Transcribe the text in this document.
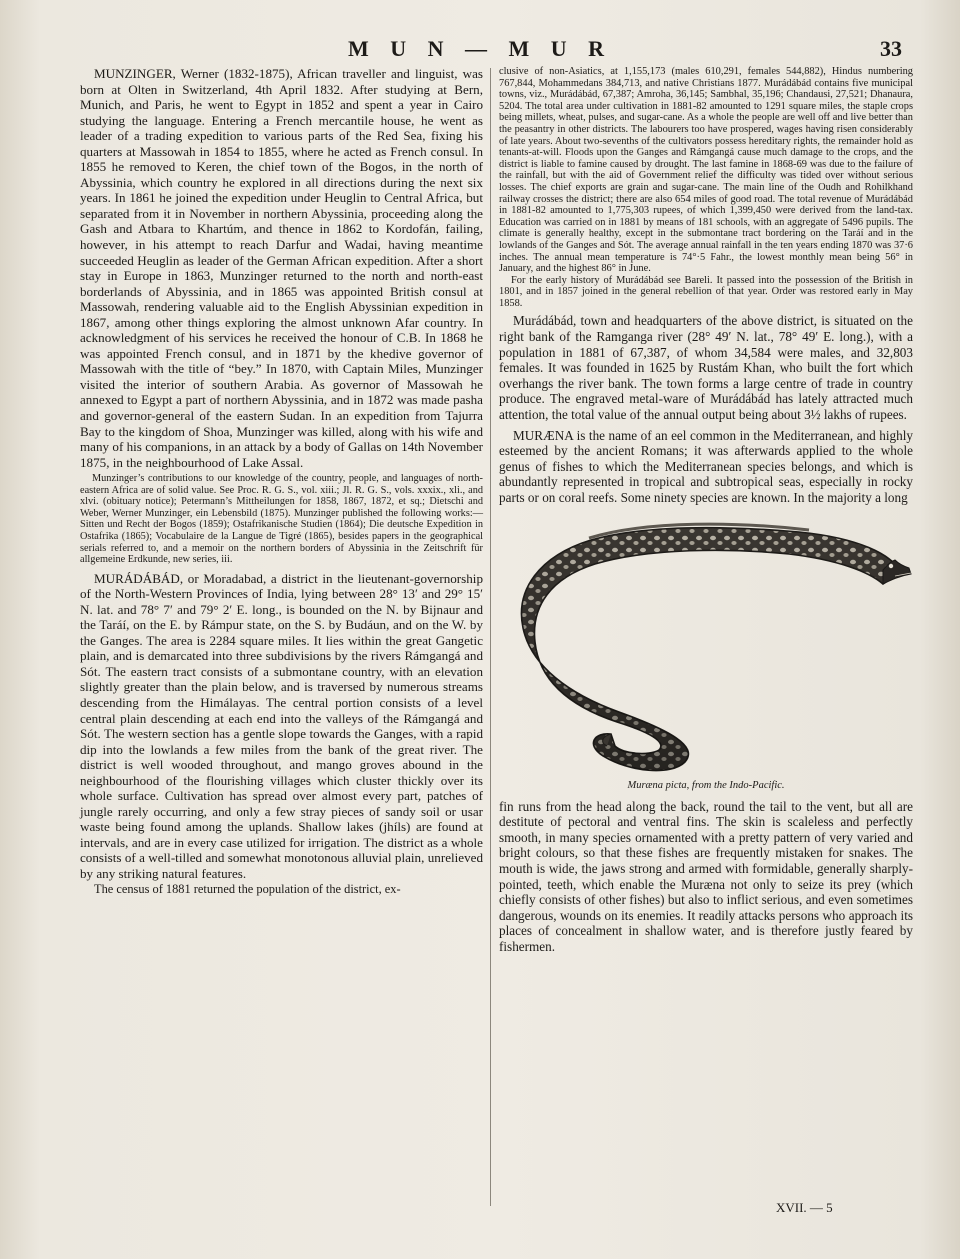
M U N — M U R	33

MUNZINGER, Werner (1832-1875), African traveller and linguist, was born at Olten in Switzerland, 4th April 1832. After studying at Bern, Munich, and Paris, he went to Egypt in 1852 and spent a year in Cairo studying the language. Entering a French mercantile house, he went as leader of a trading expedition to various parts of the Red Sea, fixing his quarters at Massowah in 1854 to 1855, where he acted as French consul. In 1855 he removed to Keren, the chief town of the Bogos, in the north of Abyssinia, which country he explored in all directions during the next six years. In 1861 he joined the expedition under Heuglin to Central Africa, but separated from it in November in northern Abyssinia, proceeding along the Gash and Atbara to Khartúm, and thence in 1862 to Kordofán, failing, however, in his attempt to reach Darfur and Wadai, having meantime succeeded Heuglin as leader of the German African expedition. After a short stay in Europe in 1863, Munzinger returned to the north and north-east borderlands of Abyssinia, and in 1865 was appointed British consul at Massowah, rendering valuable aid to the English Abyssinian expedition in 1867, among other things exploring the almost unknown Afar country. In acknowledgment of his services he received the honour of C.B. In 1868 he was appointed French consul, and in 1871 by the khedive governor of Massowah with the title of “bey.” In 1870, with Captain Miles, Munzinger visited the interior of southern Arabia. As governor of Massowah he annexed to Egypt a part of northern Abyssinia, and in 1872 was made pasha and governor-general of the eastern Sudan. In an expedition from Tajurra Bay to the kingdom of Shoa, Munzinger was killed, along with his wife and many of his companions, in an attack by a body of Gallas on 14th November 1875, in the neighbourhood of Lake Assal.

Munzinger’s contributions to our knowledge of the country, people, and languages of north-eastern Africa are of solid value. See Proc. R. G. S., vol. xiii.; Jl. R. G. S., vols. xxxix., xli., and xlvi. (obituary notice); Petermann’s Mittheilungen for 1858, 1867, 1872, et sq.; Dietschi and Weber, Werner Munzinger, ein Lebensbild (1875). Munzinger published the following works:—Sitten und Recht der Bogos (1859); Ostafrikanische Studien (1864); Die deutsche Expedition in Ostafrika (1865); Vocabulaire de la Langue de Tigré (1865), besides papers in the geographical serials referred to, and a memoir on the northern borders of Abyssinia in the Zeitschrift für allgemeine Erdkunde, new series, iii.

MURÁDÁBÁD, or Moradabad, a district in the lieutenant-governorship of the North-Western Provinces of India, lying between 28° 13′ and 29° 15′ N. lat. and 78° 7′ and 79° 2′ E. long., is bounded on the N. by Bijnaur and the Taráí, on the E. by Rámpur state, on the S. by Budáun, and on the W. by the Ganges. The area is 2284 square miles. It lies within the great Gangetic plain, and is demarcated into three subdivisions by the rivers Rámgangá and Sót. The eastern tract consists of a submontane country, with an elevation slightly greater than the plain below, and is traversed by numerous streams descending from the Himálayas. The central portion consists of a level central plain descending at each end into the valleys of the Rámgangá and Sót. The western section has a gentle slope towards the Ganges, with a rapid dip into the lowlands a few miles from the bank of the great river. The district is well wooded throughout, and mango groves abound in the neighbourhood of the flourishing villages which cluster thickly over its whole surface. Cultivation has spread over almost every part, patches of jungle rarely occurring, and only a few stray pieces of sandy soil or usar waste being found among the uplands. Shallow lakes (jhíls) are found at intervals, and are in every case utilized for irrigation. The district as a whole consists of a well-tilled and somewhat monotonous alluvial plain, unrelieved by any striking natural features.

The census of 1881 returned the population of the district, ex-

clusive of non-Asiatics, at 1,155,173 (males 610,291, females 544,882), Hindus numbering 767,844, Mohammedans 384,713, and native Christians 1877. Murádábád contains five municipal towns, viz., Murádábád, 67,387; Amroha, 36,145; Sambhal, 35,196; Chandausi, 27,521; Dhanaura, 5204. The total area under cultivation in 1881-82 amounted to 1291 square miles, the staple crops being millets, wheat, pulses, and sugar-cane. As a whole the people are well off and live better than the peasantry in other districts. The labourers too have prospered, wages having risen considerably of late years. About two-sevenths of the cultivators possess hereditary rights, the remainder hold as tenants-at-will. Floods upon the Ganges and Rámgangá cause much damage to the crops, and the district is liable to famine caused by drought. The last famine in 1868-69 was due to the failure of the rainfall, but with the aid of Government relief the difficulty was tided over without serious losses. The chief exports are grain and sugar-cane. The main line of the Oudh and Rohilkhand railway crosses the district; there are also 654 miles of good road. The total revenue of Murádábád in 1881-82 amounted to 1,775,303 rupees, of which 1,399,450 were derived from the land-tax. Education was carried on in 1881 by means of 181 schools, with an aggregate of 5496 pupils. The climate is generally healthy, except in the submontane tract bordering on the Taráí and in the lowlands of the Ganges and Sót. The average annual rainfall in the ten years ending 1870 was 37·6 inches. The annual mean temperature is 74°·5 Fahr., the lowest monthly mean being 56° in January, and the highest 86° in June.

For the early history of Murádábád see Bareli. It passed into the possession of the British in 1801, and in 1857 joined in the general rebellion of that year. Order was restored early in May 1858.

Murádábád, town and headquarters of the above district, is situated on the right bank of the Ramganga river (28° 49′ N. lat., 78° 49′ E. long.), with a population in 1881 of 67,387, of whom 34,584 were males, and 32,803 females. It was founded in 1625 by Rustám Khan, who built the fort which overhangs the river bank. The town forms a large centre of trade in country produce. The engraved metal-ware of Murádábád has lately attracted much attention, the total value of the annual output being about 3½ lakhs of rupees.

MURÆNA is the name of an eel common in the Mediterranean, and highly esteemed by the ancient Romans; it was afterwards applied to the whole genus of fishes to which the Mediterranean species belongs, and which is abundantly represented in tropical and subtropical seas, especially in rocky parts or on coral reefs. Some ninety species are known. In the majority a long

Muræna picta, from the Indo-Pacific.

fin runs from the head along the back, round the tail to the vent, but all are destitute of pectoral and ventral fins. The skin is scaleless and perfectly smooth, in many species ornamented with a pretty pattern of very varied and bright colours, so that these fishes are frequently mistaken for snakes. The mouth is wide, the jaws strong and armed with formidable, generally sharply-pointed, teeth, which enable the Muræna not only to seize its prey (which chiefly consists of other fishes) but also to inflict serious, and even sometimes dangerous, wounds on its enemies. It readily attacks persons who approach its places of concealment in shallow water, and is therefore justly feared by fishermen.

XVII. — 5
